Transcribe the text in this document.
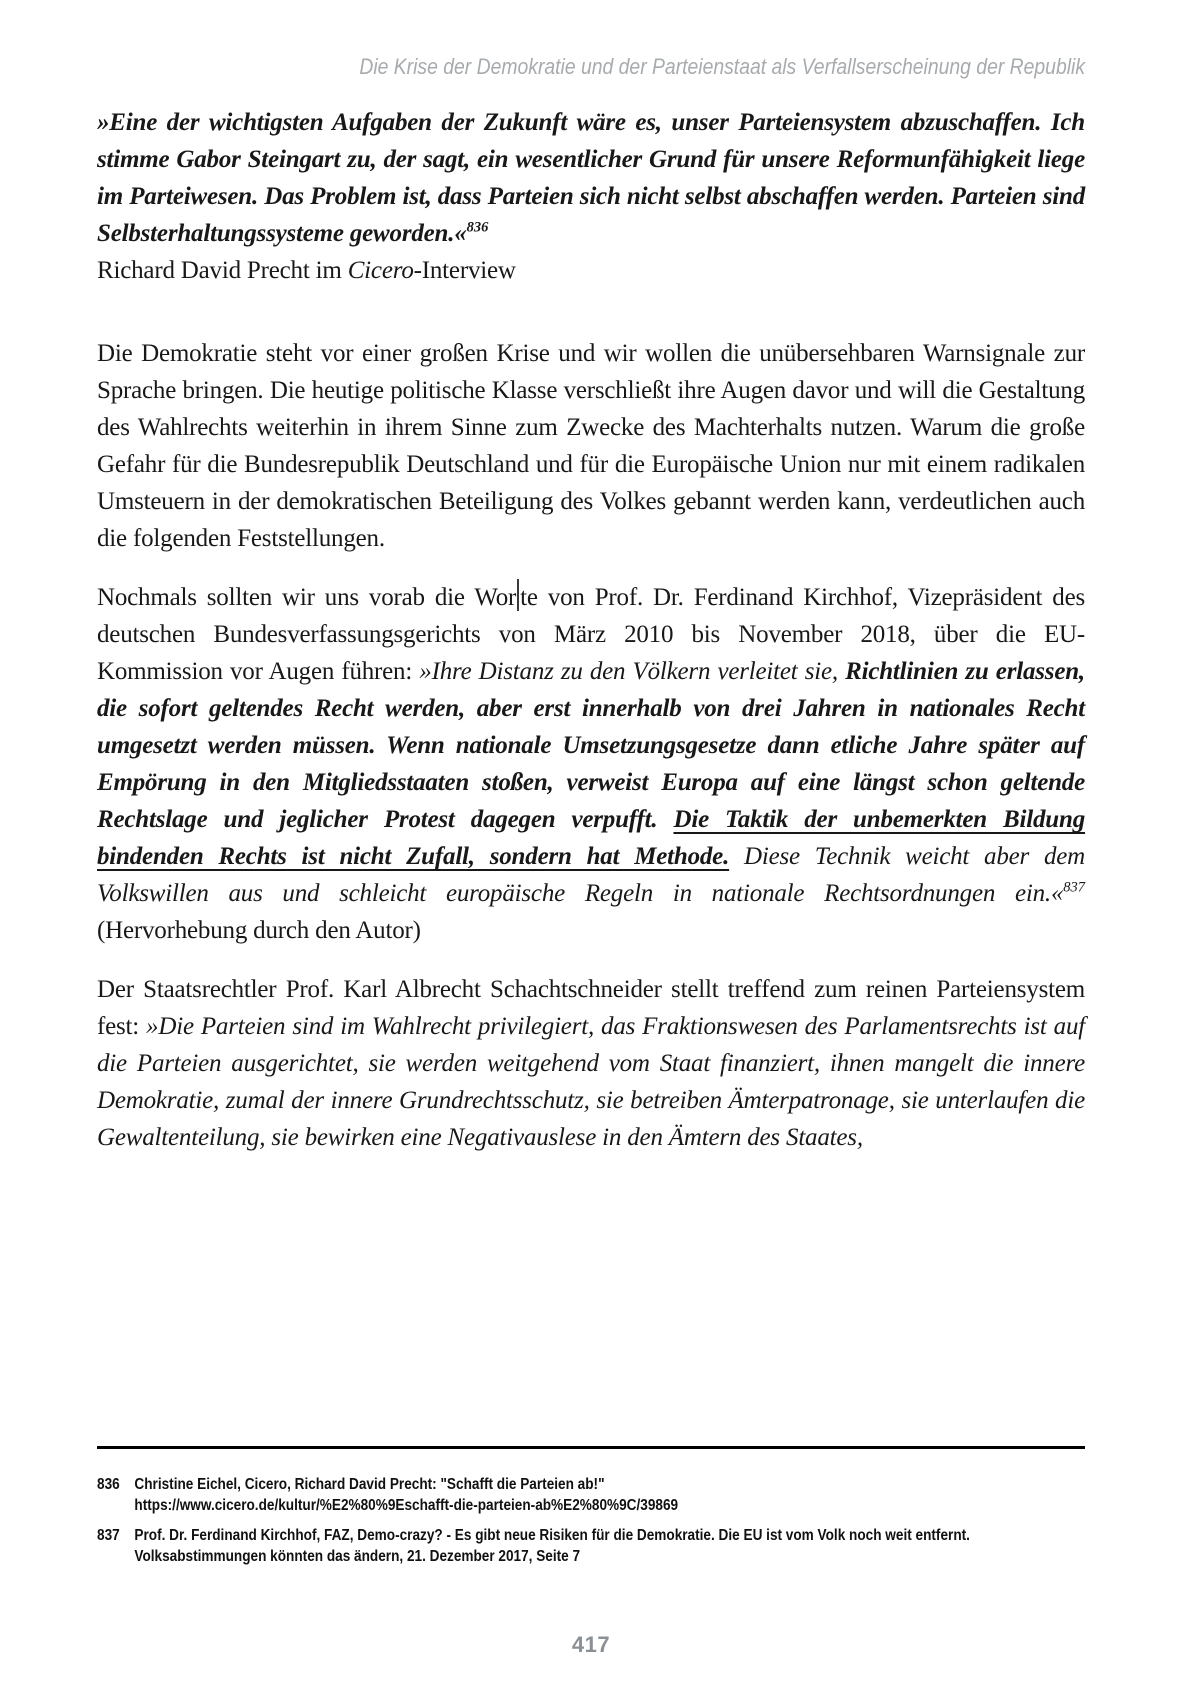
Die Krise der Demokratie und der Parteienstaat als Verfallserscheinung der Republik

»Eine der wichtigsten Aufgaben der Zukunft wäre es, unser Parteiensystem abzuschaffen. Ich stimme Gabor Steingart zu, der sagt, ein wesentlicher Grund für unsere Reformunfähigkeit liege im Parteiwesen. Das Problem ist, dass Parteien sich nicht selbst abschaffen werden. Parteien sind Selbsterhaltungssysteme geworden.«$^{836}$

Richard David Precht im Cicero-Interview

Die Demokratie steht vor einer großen Krise und wir wollen die unübersehbaren Warnsignale zur Sprache bringen. Die heutige politische Klasse verschließt ihre Augen davor und will die Gestaltung des Wahlrechts weiterhin in ihrem Sinne zum Zwecke des Machterhalts nutzen. Warum die große Gefahr für die Bundesrepublik Deutschland und für die Europäische Union nur mit einem radikalen Umsteuern in der demokratischen Beteiligung des Volkes gebannt werden kann, verdeutlichen auch die folgenden Feststellungen.

Nochmals sollten wir uns vorab die Wor te von Prof. Dr. Ferdinand Kirchhof, Vizepräsident des deutschen Bundesverfassungsgerichts von März 2010 bis November 2018, über die EU-Kommission vor Augen führen: »Ihre Distanz zu den Völkern verleitet sie, Richtlinien zu erlassen, die sofort geltendes Recht werden, aber erst innerhalb von drei Jahren in nationales Recht umgesetzt werden müssen. Wenn nationale Umsetzungsgesetze dann etliche Jahre später auf Empörung in den Mitgliedsstaaten stoßen, verweist Europa auf eine längst schon geltende Rechtslage und jeglicher Protest dagegen verpufft. Die Taktik der unbemerkten Bildung bindenden Rechts ist nicht Zufall, sondern hat Methode. Diese Technik weicht aber dem Volkswillen aus und schleicht europäische Regeln in nationale Rechtsordnungen ein.«$^{837}$ (Hervorhebung durch den Autor)

Der Staatsrechtler Prof. Karl Albrecht Schachtschneider stellt treffend zum reinen Parteiensystem fest: »Die Parteien sind im Wahlrecht privilegiert, das Fraktionswesen des Parlamentsrechts ist auf die Parteien ausgerichtet, sie werden weitgehend vom Staat finanziert, ihnen mangelt die innere Demokratie, zumal der innere Grundrechtsschutz, sie betreiben Ämterpatronage, sie unterlaufen die Gewaltenteilung, sie bewirken eine Negativauslese in den Ämtern des Staates,

836 Christine Eichel, Cicero, Richard David Precht: "Schafft die Parteien ab!"
https://www.cicero.de/kultur/%E2%80%9Eschafft-die-parteien-ab%E2%80%9C/39869
837 Prof. Dr. Ferdinand Kirchhof, FAZ, Demo-crazy? - Es gibt neue Risiken für die Demokratie. Die EU ist vom Volk noch weit entfernt.
Volksabstimmungen könnten das ändern, 21. Dezember 2017, Seite 7
417
